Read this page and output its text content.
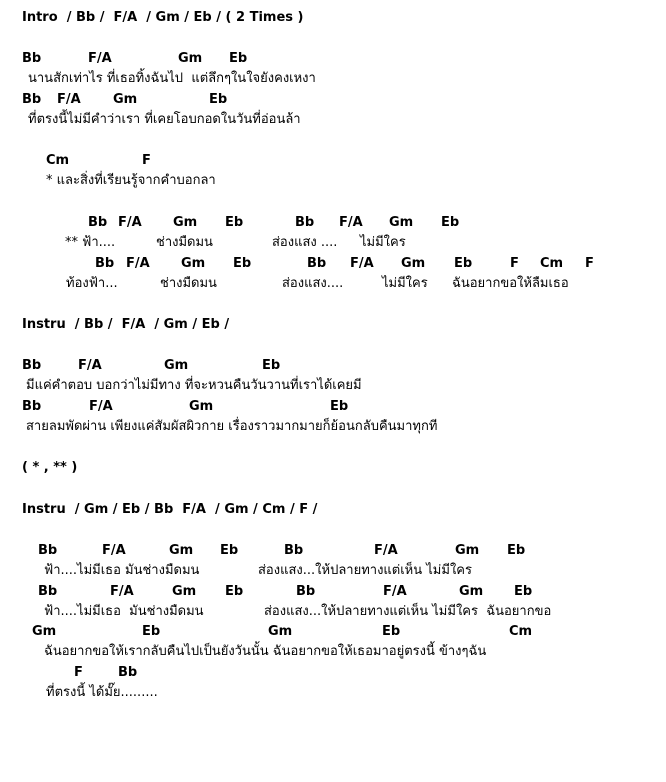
Intro  / Bb /  F/A  / Gm / Eb / ( 2 Times )

Bb

	F/A

	Gm

Eb

นานสักเท่าไร ที่เธอทิ้งฉันไป  แต่ลึกๆในใจยังคงเหงา

Bb

F/A

Gm

	Eb

ที่ตรงนี้ไม่มีคำว่าเรา ที่เคยโอบกอดในวันที่อ่อนล้า

Cm

	F

* และสิ่งที่เรียนรู้จากคำบอกลา

Bb

F/A

Gm

Eb

	Bb

F/A

Gm

Eb

** ฟ้า....

	ช่างมืดมน

	ส่องแสง ....

ไม่มีใคร

Bb

F/A

Gm

Eb

	Bb

F/A

Gm

Eb

	F

Cm

F

ท้องฟ้า...

	ช่างมืดมน

	ส่องแสง....

	ไม่มีใคร

ฉันอยากขอให้ลืมเธอ

Instru  / Bb /  F/A  / Gm / Eb /

Bb

	F/A

	Gm

	Eb

มีแค่คำตอบ บอกว่าไม่มีทาง ที่จะหวนคืนวันวานที่เราได้เคยมี

Bb

	F/A

	Gm

	Eb

สายลมพัดผ่าน เพียงแค่สัมผัสผิวกาย เรื่องราวมากมายก็ย้อนกลับคืนมาทุกที

( * , ** )

Instru  / Gm / Eb / Bb  F/A  / Gm / Cm / F /

Bb

	F/A

	Gm

Eb

	Bb

	F/A

	Gm

Eb

ฟ้า....ไม่มีเธอ มันช่างมืดมน

	ส่องแสง...ให้ปลายทางแต่เห็น ไม่มีใคร

Bb

	F/A

	Gm

Eb

	Bb

	F/A

	Gm

Eb

ฟ้า....ไม่มีเธอ  มันช่างมืดมน

	ส่องแสง...ให้ปลายทางแต่เห็น ไม่มีใคร  ฉันอยากขอ

Gm

	Eb

	Gm

	Eb

	Cm

ฉันอยากขอให้เรากลับคืนไปเป็นยังวันนั้น ฉันอยากขอให้เธอมาอยู่ตรงนี้ ข้างๆฉัน

F

	Bb

ที่ตรงนี้ ได้มั๊ย.........
